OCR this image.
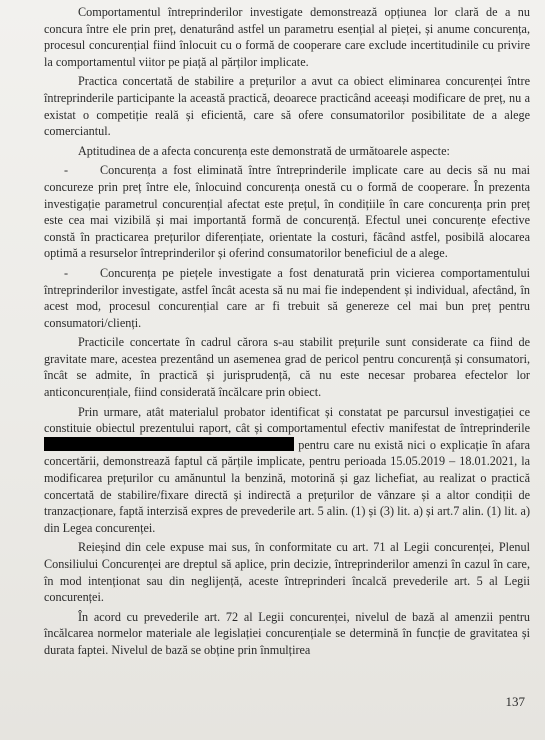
Comportamentul întreprinderilor investigate demonstrează opțiunea lor clară de a nu concura între ele prin preț, denaturând astfel un parametru esențial al pieței, și anume concurența, procesul concurențial fiind înlocuit cu o formă de cooperare care exclude incertitudinile cu privire la comportamentul viitor pe piață al părților implicate.

Practica concertată de stabilire a prețurilor a avut ca obiect eliminarea concurenței între întreprinderile participante la această practică, deoarece practicând aceeași modificare de preț, nu a existat o competiție reală și eficientă, care să ofere consumatorilor posibilitate de a alege comerciantul.

Aptitudinea de a afecta concurența este demonstrată de următoarele aspecte:

-	Concurența a fost eliminată între întreprinderile implicate care au decis să nu mai concureze prin preț între ele, înlocuind concurența onestă cu o formă de cooperare. În prezenta investigație parametrul concurențial afectat este prețul, în condițiile în care concurența prin preț este cea mai vizibilă și mai importantă formă de concurență. Efectul unei concurențe efective constă în practicarea prețurilor diferențiate, orientate la costuri, făcând astfel, posibilă alocarea optimă a resurselor întreprinderilor și oferind consumatorilor beneficiul de a alege.

-	Concurența pe piețele investigate a fost denaturată prin vicierea comportamentului întreprinderilor investigate, astfel încât acesta să nu mai fie independent și individual, afectând, în acest mod, procesul concurențial care ar fi trebuit să genereze cel mai bun preț pentru consumatori/clienți.

Practicile concertate în cadrul cărora s-au stabilit prețurile sunt considerate ca fiind de gravitate mare, acestea prezentând un asemenea grad de pericol pentru concurență și consumatori, încât se admite, în practică și jurisprudență, că nu este necesar probarea efectelor lor anticoncurențiale, fiind considerată încălcare prin obiect.

Prin urmare, atât materialul probator identificat și constatat pe parcursul investigației ce constituie obiectul prezentului raport, cât și comportamentul efectiv manifestat de întreprinderile  pentru care nu există nici o explicație în afara concertării, demonstrează faptul că părțile implicate, pentru perioada 15.05.2019 – 18.01.2021, la modificarea prețurilor cu amănuntul la benzină, motorină și gaz lichefiat, au realizat o practică concertată de stabilire/fixare directă și indirectă a prețurilor de vânzare și a altor condiții de tranzacționare, faptă interzisă expres de prevederile art. 5 alin. (1) și (3) lit. a) și art.7 alin. (1) lit. a) din Legea concurenței.

Reieșind din cele expuse mai sus, în conformitate cu art. 71 al Legii concurenței, Plenul Consiliului Concurenței are dreptul să aplice, prin decizie, întreprinderilor amenzi în cazul în care, în mod intenționat sau din neglijență, aceste întreprinderi încalcă prevederile art. 5 al Legii concurenței.

În acord cu prevederile art. 72 al Legii concurenței, nivelul de bază al amenzii pentru încălcarea normelor materiale ale legislației concurențiale se determină în funcție de gravitatea și durata faptei. Nivelul de bază se obține prin înmulțirea

137
